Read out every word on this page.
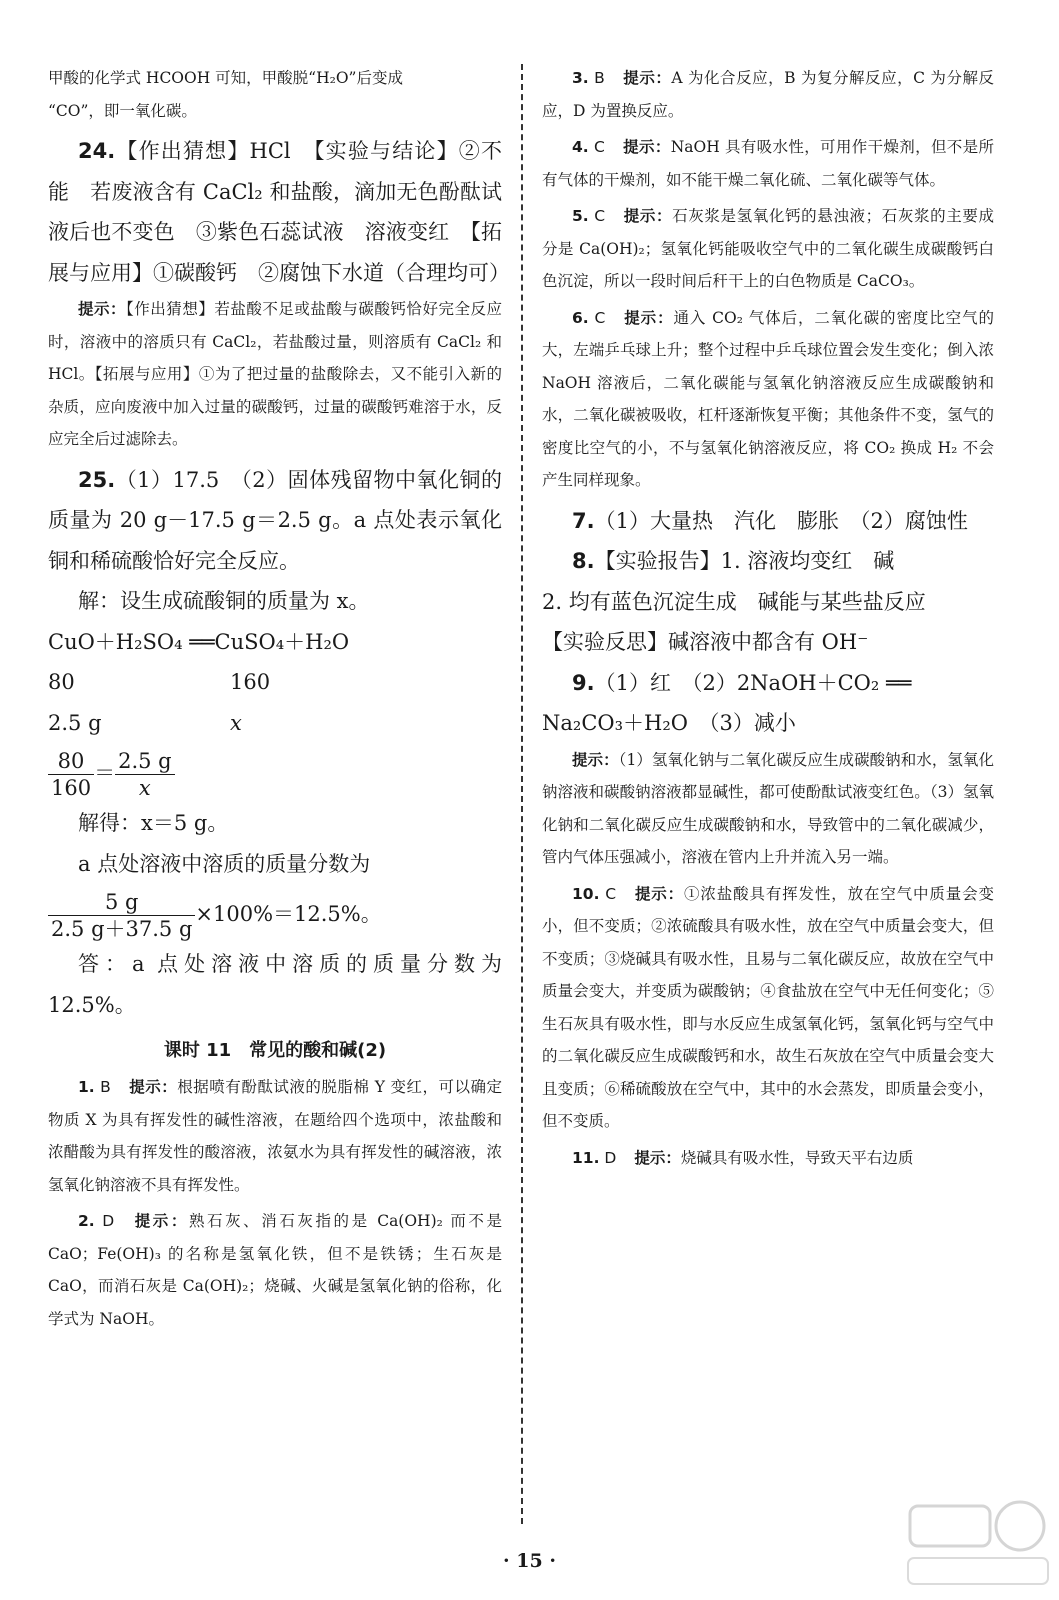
甲酸的化学式 HCOOH 可知，甲酸脱“H₂O”后变成

“CO”，即一氧化碳。

24.【作出猜想】HCl　【实验与结论】②不能　若废液含有 CaCl₂ 和盐酸，滴加无色酚酞试液后也不变色　③紫色石蕊试液　溶液变红　【拓展与应用】①碳酸钙　②腐蚀下水道（合理均可）

提示：【作出猜想】若盐酸不足或盐酸与碳酸钙恰好完全反应时，溶液中的溶质只有 CaCl₂，若盐酸过量，则溶质有 CaCl₂ 和 HCl。【拓展与应用】①为了把过量的盐酸除去，又不能引入新的杂质，应向废液中加入过量的碳酸钙，过量的碳酸钙难溶于水，反应完全后过滤除去。

25.（1）17.5　（2）固体残留物中氧化铜的质量为 20 g－17.5 g＝2.5 g。a 点处表示氧化铜和稀硫酸恰好完全反应。

解：设生成硫酸铜的质量为 x。

CuO＋H₂SO₄ ══CuSO₄＋H₂O

80	160
2.5 g	x
$\frac{80}{160} = \frac{2.5 g}{x}$

解得：x＝5 g。

a 点处溶液中溶质的质量分数为

$\frac{5 g}{2.5 g+37.5 g} \times 100\%=12.5\%$。

答：a 点处溶液中溶质的质量分数为 12.5%。

课时 11　常见的酸和碱(2)

1. B 提示：根据喷有酚酞试液的脱脂棉 Y 变红，可以确定物质 X 为具有挥发性的碱性溶液，在题给四个选项中，浓盐酸和浓醋酸为具有挥发性的酸溶液，浓氨水为具有挥发性的碱溶液，浓氢氧化钠溶液不具有挥发性。

2. D 提示：熟石灰、消石灰指的是 Ca(OH)₂ 而不是 CaO；Fe(OH)₃ 的名称是氢氧化铁，但不是铁锈；生石灰是 CaO，而消石灰是 Ca(OH)₂；烧碱、火碱是氢氧化钠的俗称，化学式为 NaOH。

3. B 提示：A 为化合反应，B 为复分解反应，C 为分解反应，D 为置换反应。

4. C 提示：NaOH 具有吸水性，可用作干燥剂，但不是所有气体的干燥剂，如不能干燥二氧化硫、二氧化碳等气体。

5. C 提示：石灰浆是氢氧化钙的悬浊液；石灰浆的主要成分是 Ca(OH)₂；氢氧化钙能吸收空气中的二氧化碳生成碳酸钙白色沉淀，所以一段时间后秆干上的白色物质是 CaCO₃。

6. C 提示：通入 CO₂ 气体后，二氧化碳的密度比空气的大，左端乒乓球上升；整个过程中乒乓球位置会发生变化；倒入浓 NaOH 溶液后，二氧化碳能与氢氧化钠溶液反应生成碳酸钠和水，二氧化碳被吸收，杠杆逐渐恢复平衡；其他条件不变，氢气的密度比空气的小，不与氢氧化钠溶液反应，将 CO₂ 换成 H₂ 不会产生同样现象。

7.（1）大量热　汽化　膨胀　（2）腐蚀性

8.【实验报告】1. 溶液均变红　碱

2. 均有蓝色沉淀生成　碱能与某些盐反应

【实验反思】碱溶液中都含有 OH⁻

9.（1）红　（2）2NaOH＋CO₂ ══

Na₂CO₃＋H₂O　（3）减小

提示：（1）氢氧化钠与二氧化碳反应生成碳酸钠和水，氢氧化钠溶液和碳酸钠溶液都显碱性，都可使酚酞试液变红色。（3）氢氧化钠和二氧化碳反应生成碳酸钠和水，导致管中的二氧化碳减少，管内气体压强减小，溶液在管内上升并流入另一端。

10. C 提示：①浓盐酸具有挥发性，放在空气中质量会变小，但不变质；②浓硫酸具有吸水性，放在空气中质量会变大，但不变质；③烧碱具有吸水性，且易与二氧化碳反应，故放在空气中质量会变大，并变质为碳酸钠；④食盐放在空气中无任何变化；⑤生石灰具有吸水性，即与水反应生成氢氧化钙，氢氧化钙与空气中的二氧化碳反应生成碳酸钙和水，故生石灰放在空气中质量会变大且变质；⑥稀硫酸放在空气中，其中的水会蒸发，即质量会变小，但不变质。

11. D 提示：烧碱具有吸水性，导致天平右边质

· 15 ·
